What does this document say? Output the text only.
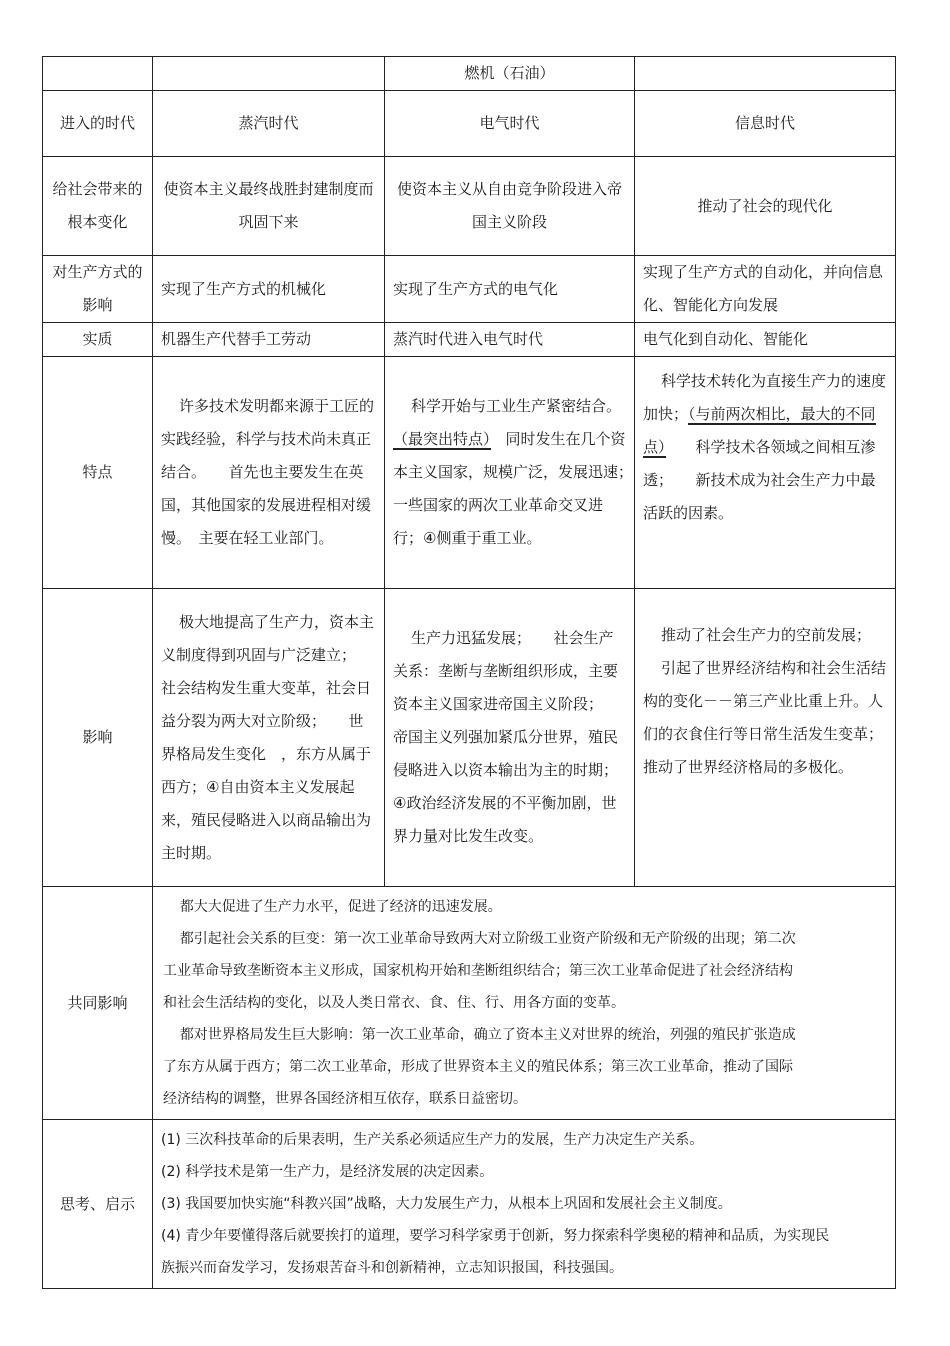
		燃机（石油）	
进入的时代	蒸汽时代	电气时代	信息时代
给社会带来的根本变化	使资本主义最终战胜封建制度而巩固下来	使资本主义从自由竞争阶段进入帝国主义阶段	推动了社会的现代化
对生产方式的影响	实现了生产方式的机械化	实现了生产方式的电气化	实现了生产方式的自动化，并向信息化、智能化方向发展
实质	机器生产代替手工劳动	蒸汽时代进入电气时代	电气化到自动化、智能化
特点	许多技术发明都来源于工匠的实践经验，科学与技术尚未真正结合。　　首先也主要发生在英国，其他国家的发展进程相对缓慢。　主要在轻工业部门。	科学开始与工业生产紧密结合。（最突出特点）　同时发生在几个资本主义国家，规模广泛，发展迅速；　　一些国家的两次工业革命交叉进行；④侧重于重工业。	科学技术转化为直接生产力的速度加快；（与前两次相比，最大的不同点）　　科学技术各领域之间相互渗透；　　新技术成为社会生产力中最活跃的因素。
影响	极大地提高了生产力，资本主义制度得到巩固与广泛建立；　　社会结构发生重大变革，社会日益分裂为两大对立阶级；　　世界格局发生变化　，东方从属于西方；④自由资本主义发展起来，殖民侵略进入以商品输出为主时期。	生产力迅猛发展；　　社会生产关系：垄断与垄断组织形成，主要资本主义国家进帝国主义阶段；　　帝国主义列强加紧瓜分世界，殖民侵略进入以资本输出为主的时期；④政治经济发展的不平衡加剧，世界力量对比发生改变。	推动了社会生产力的空前发展；
引起了世界经济结构和社会生活结构的变化－－第三产业比重上升。人们的衣食住行等日常生活发生变革；　　推动了世界经济格局的多极化。

共同影响	都大大促进了生产力水平，促进了经济的迅速发展。
都引起社会关系的巨变：第一次工业革命导致两大对立阶级工业资产阶级和无产阶级的出现；第二次工业革命导致垄断资本主义形成，国家机构开始和垄断组织结合；第三次工业革命促进了社会经济结构和社会生活结构的变化，以及人类日常衣、食、住、行、用各方面的变革。
都对世界格局发生巨大影响：第一次工业革命，确立了资本主义对世界的统治，列强的殖民扩张造成了东方从属于西方；第二次工业革命，形成了世界资本主义的殖民体系；第三次工业革命，推动了国际经济结构的调整，世界各国经济相互依存，联系日益密切。		

思考、启示	(1) 三次科技革命的后果表明，生产关系必须适应生产力的发展，生产力决定生产关系。
(2) 科学技术是第一生产力，是经济发展的决定因素。
(3) 我国要加快实施“科教兴国”战略，大力发展生产力，从根本上巩固和发展社会主义制度。
(4) 青少年要懂得落后就要挨打的道理，要学习科学家勇于创新，努力探索科学奥秘的精神和品质，为实现民族振兴而奋发学习，发扬艰苦奋斗和创新精神，立志知识报国，科技强国。		
